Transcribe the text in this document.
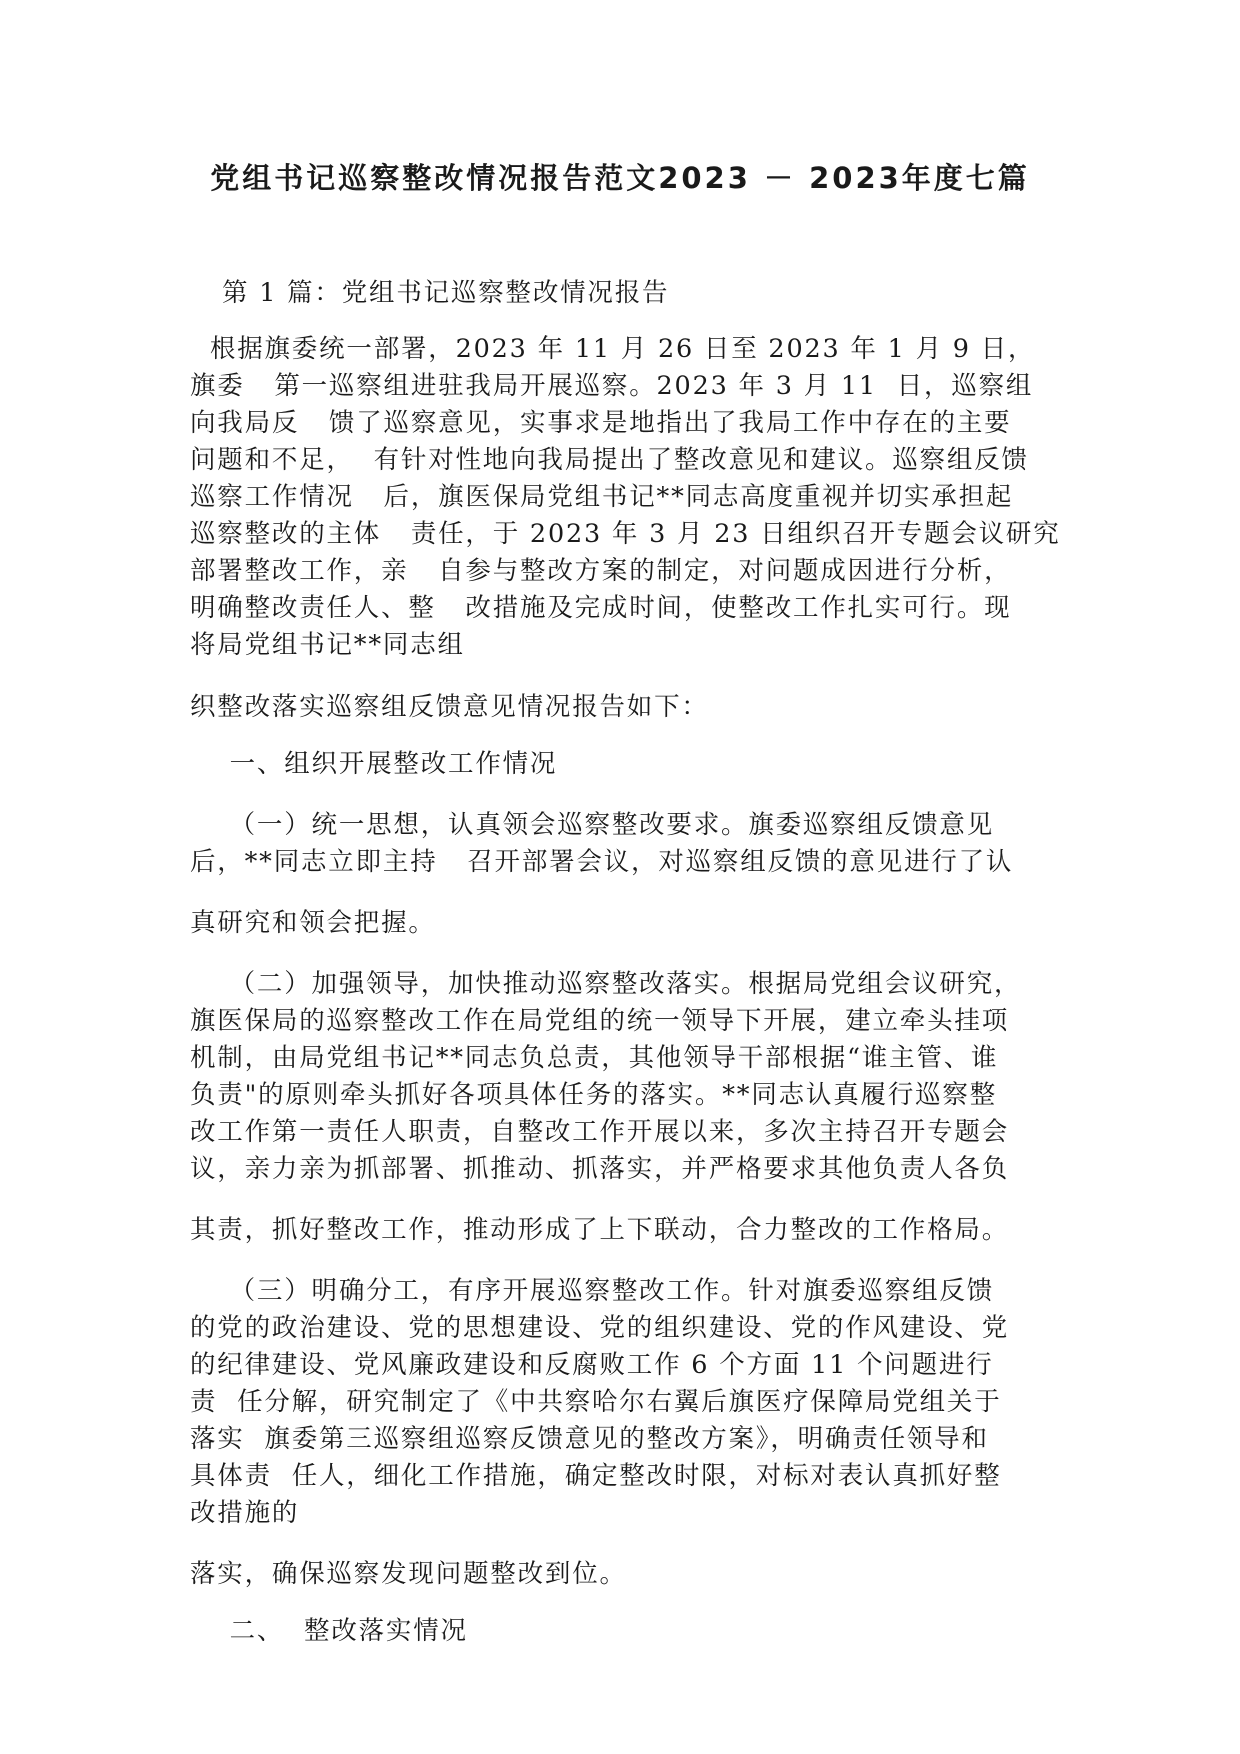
党组书记巡察整改情况报告范文2023 － 2023年度七篇
第 1 篇：党组书记巡察整改情况报告
根据旗委统一部署，2023 年 11 月 26 日至 2023 年 1 月 9 日，
旗委   第一巡察组进驻我局开展巡察。2023 年 3 月 11  日，巡察组
向我局反   馈了巡察意见，实事求是地指出了我局工作中存在的主要
问题和不足，  有针对性地向我局提出了整改意见和建议。巡察组反馈
巡察工作情况   后，旗医保局党组书记**同志高度重视并切实承担起
巡察整改的主体   责任，于 2023 年 3 月 23 日组织召开专题会议研究
部署整改工作，亲   自参与整改方案的制定，对问题成因进行分析，
明确整改责任人、整   改措施及完成时间，使整改工作扎实可行。现
将局党组书记**同志组
织整改落实巡察组反馈意见情况报告如下：
一、组织开展整改工作情况
（一）统一思想，认真领会巡察整改要求。旗委巡察组反馈意见
后，**同志立即主持   召开部署会议，对巡察组反馈的意见进行了认
真研究和领会把握。
（二）加强领导，加快推动巡察整改落实。根据局党组会议研究，
旗医保局的巡察整改工作在局党组的统一领导下开展，建立牵头挂项
机制，由局党组书记**同志负总责，其他领导干部根据“谁主管、谁
负责"的原则牵头抓好各项具体任务的落实。**同志认真履行巡察整
改工作第一责任人职责，自整改工作开展以来，多次主持召开专题会
议，亲力亲为抓部署、抓推动、抓落实，并严格要求其他负责人各负
其责，抓好整改工作，推动形成了上下联动，合力整改的工作格局。
（三）明确分工，有序开展巡察整改工作。针对旗委巡察组反馈
的党的政治建设、党的思想建设、党的组织建设、党的作风建设、党
的纪律建设、党风廉政建设和反腐败工作 6 个方面 11 个问题进行
责  任分解，研究制定了《中共察哈尔右翼后旗医疗保障局党组关于
落实  旗委第三巡察组巡察反馈意见的整改方案》，明确责任领导和
具体责  任人，细化工作措施，确定整改时限，对标对表认真抓好整
改措施的
落实，确保巡察发现问题整改到位。
二、  整改落实情况
